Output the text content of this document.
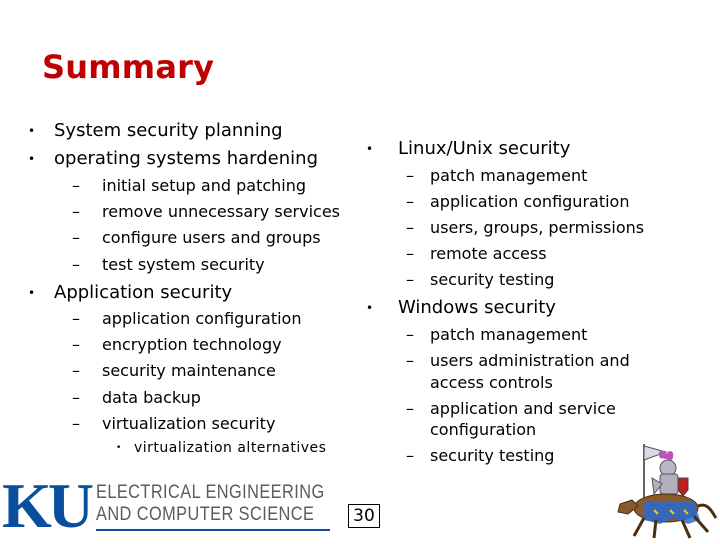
Summary
• System security planning
• operating systems hardening
– initial setup and patching
– remove unnecessary services
– configure users and groups
– test system security
• Application security
– application configuration
– encryption technology
– security maintenance
– data backup
– virtualization security
• virtualization alternatives
• Linux/Unix security
– patch management
– application configuration
– users, groups, permissions
– remote access
– security testing
• Windows security
– patch management
– users administration and
access controls
– application and service
configuration
– security testing
KU ELECTRICAL ENGINEERING
AND COMPUTER SCIENCE	30
